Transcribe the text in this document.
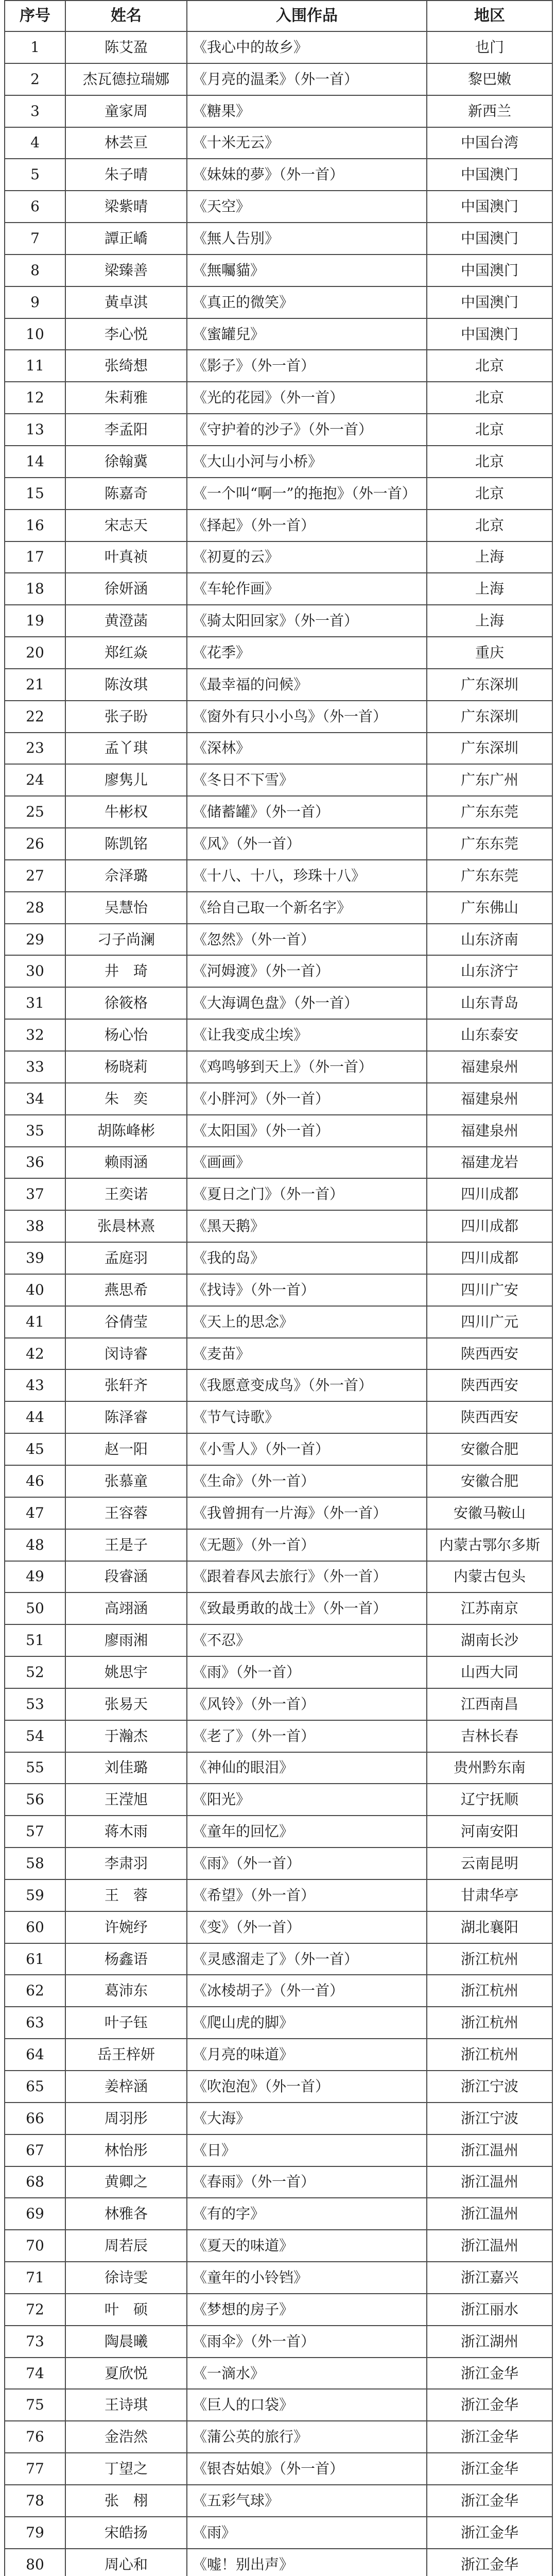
序号	姓名	入围作品	地区
1	陈艾盈	《我心中的故乡》	也门
2	杰瓦德拉瑞娜	《月亮的温柔》（外一首）	黎巴嫩
3	童家周	《糖果》	新西兰
4	林芸亘	《十米无云》	中国台湾
5	朱子晴	《妹妹的夢》（外一首）	中国澳门
6	梁紫晴	《天空》	中国澳门
7	譚正嶠	《無人告別》	中国澳门
8	梁臻善	《無囑貓》	中国澳门
9	黃卓淇	《真正的微笑》	中国澳门
10	李心悦	《蜜罐兒》	中国澳门
11	张绮想	《影子》（外一首）	北京
12	朱莉雅	《光的花园》（外一首）	北京
13	李孟阳	《守护着的沙子》（外一首）	北京
14	徐翰冀	《大山小河与小桥》	北京
15	陈嘉奇	《一个叫“啊一”的拖抱》（外一首）	北京
16	宋志天	《择起》（外一首）	北京
17	叶真祯	《初夏的云》	上海
18	徐妍涵	《车轮作画》	上海
19	黄澄菡	《骑太阳回家》（外一首）	上海
20	郑红焱	《花季》	重庆
21	陈汝琪	《最幸福的问候》	广东深圳
22	张子盼	《窗外有只小小鸟》（外一首）	广东深圳
23	孟丫琪	《深林》	广东深圳
24	廖隽儿	《冬日不下雪》	广东广州
25	牛彬权	《储蓄罐》（外一首）	广东东莞
26	陈凯铭	《风》（外一首）	广东东莞
27	佘泽璐	《十八、十八，珍珠十八》	广东东莞
28	吴慧怡	《给自己取一个新名字》	广东佛山
29	刁子尚澜	《忽然》（外一首）	山东济南
30	井　琦	《河姆渡》（外一首）	山东济宁
31	徐筱格	《大海调色盘》（外一首）	山东青岛
32	杨心怡	《让我变成尘埃》	山东泰安
33	杨晓莉	《鸡鸣够到天上》（外一首）	福建泉州
34	朱　奕	《小胖河》（外一首）	福建泉州
35	胡陈峰彬	《太阳国》（外一首）	福建泉州
36	赖雨涵	《画画》	福建龙岩
37	王奕诺	《夏日之门》（外一首）	四川成都
38	张晨林熹	《黑天鹅》	四川成都
39	孟庭羽	《我的岛》	四川成都
40	燕思希	《找诗》（外一首）	四川广安
41	谷倩莹	《天上的思念》	四川广元
42	闵诗睿	《麦苗》	陕西西安
43	张轩齐	《我愿意变成鸟》（外一首）	陕西西安
44	陈泽睿	《节气诗歌》	陕西西安
45	赵一阳	《小雪人》（外一首）	安徽合肥
46	张慕童	《生命》（外一首）	安徽合肥
47	王容蓉	《我曾拥有一片海》（外一首）	安徽马鞍山
48	王是子	《无题》（外一首）	内蒙古鄂尔多斯
49	段睿涵	《跟着春风去旅行》（外一首）	内蒙古包头
50	高翊涵	《致最勇敢的战士》（外一首）	江苏南京
51	廖雨湘	《不忍》	湖南长沙
52	姚思宇	《雨》（外一首）	山西大同
53	张易天	《风铃》（外一首）	江西南昌
54	于瀚杰	《老了》（外一首）	吉林长春
55	刘佳璐	《神仙的眼泪》	贵州黔东南
56	王滢旭	《阳光》	辽宁抚顺
57	蒋木雨	《童年的回忆》	河南安阳
58	李肃羽	《雨》（外一首）	云南昆明
59	王　蓉	《希望》（外一首）	甘肃华亭
60	许婉纾	《变》（外一首）	湖北襄阳
61	杨鑫语	《灵感溜走了》（外一首）	浙江杭州
62	葛沛东	《冰棱胡子》（外一首）	浙江杭州
63	叶子钰	《爬山虎的脚》	浙江杭州
64	岳王梓妍	《月亮的味道》	浙江杭州
65	姜梓涵	《吹泡泡》（外一首）	浙江宁波
66	周羽彤	《大海》	浙江宁波
67	林怡彤	《日》	浙江温州
68	黄卿之	《春雨》（外一首）	浙江温州
69	林雅各	《有的字》	浙江温州
70	周若辰	《夏天的味道》	浙江温州
71	徐诗雯	《童年的小铃铛》	浙江嘉兴
72	叶　硕	《梦想的房子》	浙江丽水
73	陶晨曦	《雨伞》（外一首）	浙江湖州
74	夏欣悦	《一滴水》	浙江金华
75	王诗琪	《巨人的口袋》	浙江金华
76	金浩然	《蒲公英的旅行》	浙江金华
77	丁望之	《银杏姑娘》（外一首）	浙江金华
78	张　栩	《五彩气球》	浙江金华
79	宋皓扬	《雨》	浙江金华
80	周心和	《嘘！别出声》	浙江金华
